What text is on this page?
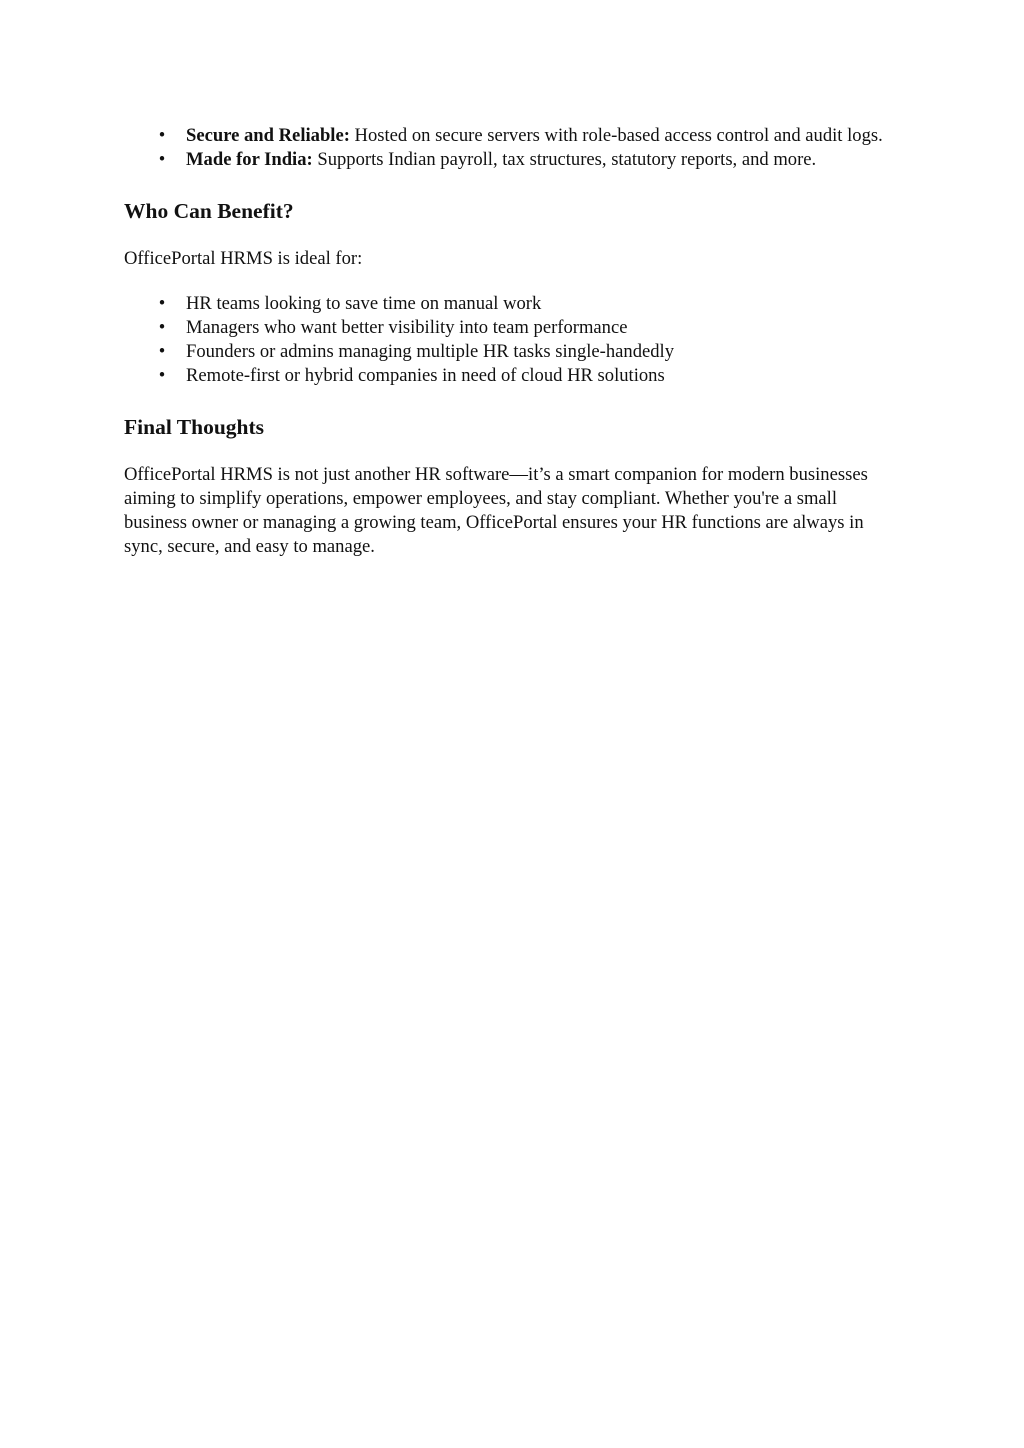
• Secure and Reliable: Hosted on secure servers with role-based access control and audit logs.
• Made for India: Supports Indian payroll, tax structures, statutory reports, and more.
Who Can Benefit?

OfficePortal HRMS is ideal for:

• HR teams looking to save time on manual work
• Managers who want better visibility into team performance
• Founders or admins managing multiple HR tasks single-handedly
• Remote-first or hybrid companies in need of cloud HR solutions
Final Thoughts

OfficePortal HRMS is not just another HR software—it’s a smart companion for modern businesses aiming to simplify operations, empower employees, and stay compliant. Whether you're a small business owner or managing a growing team, OfficePortal ensures your HR functions are always in sync, secure, and easy to manage.
